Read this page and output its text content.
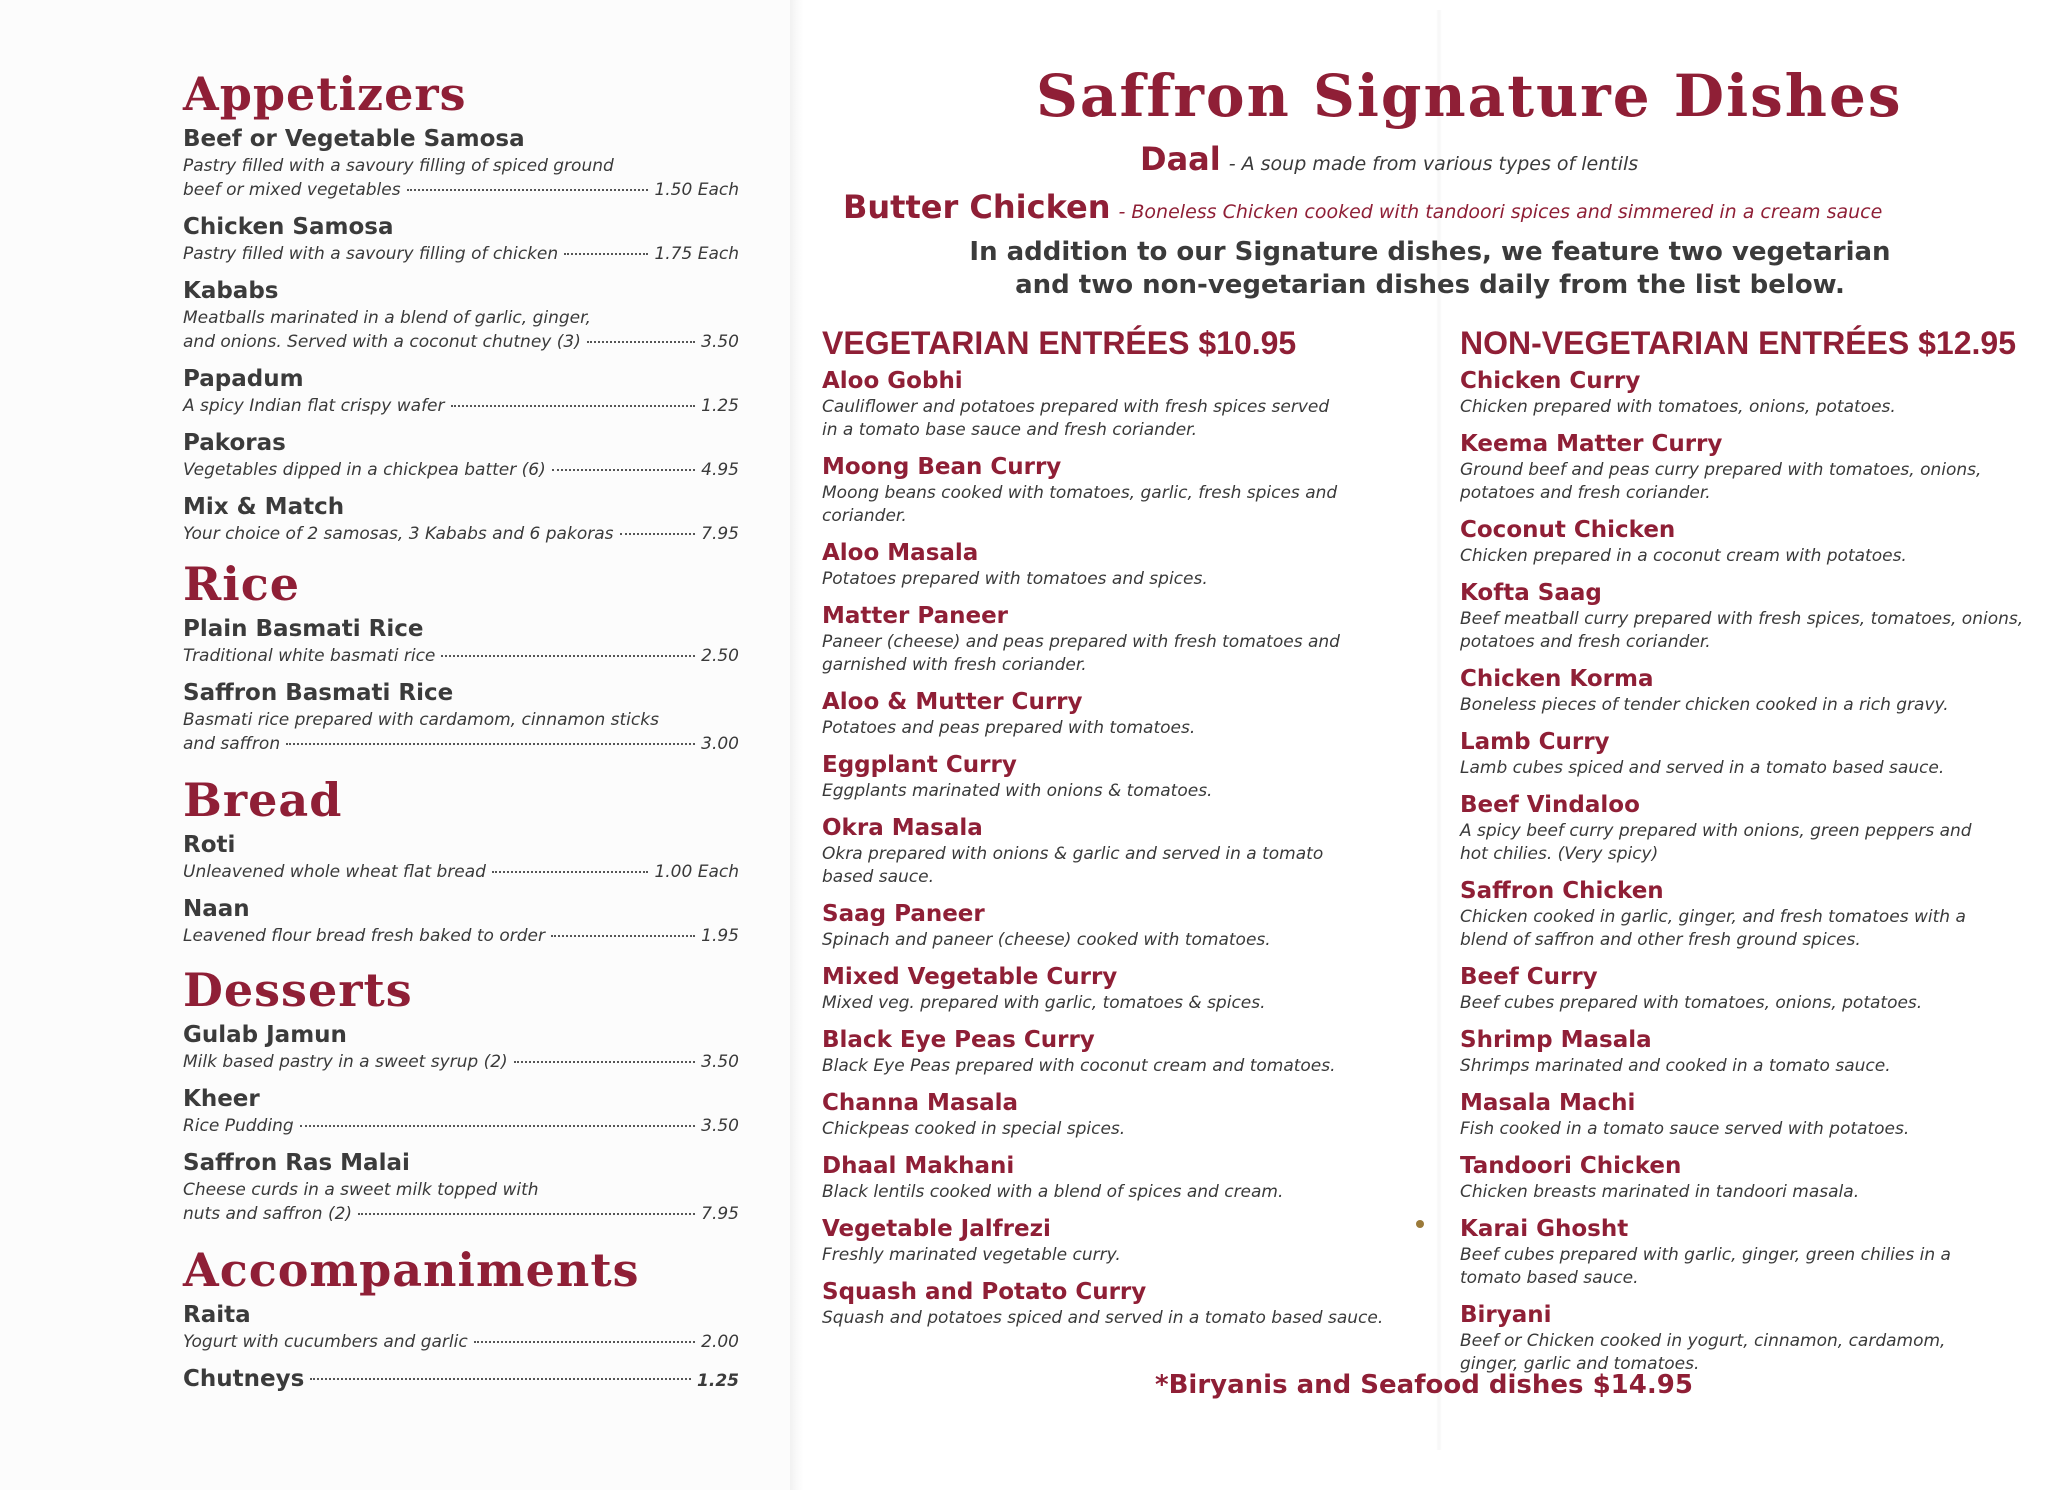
Appetizers
Beef or Vegetable Samosa
Pastry filled with a savoury filling of spiced ground
beef or mixed vegetables	1.50 Each
Chicken Samosa
Pastry filled with a savoury filling of chicken	1.75 Each
Kababs
Meatballs marinated in a blend of garlic, ginger,
and onions. Served with a coconut chutney (3)	3.50
Papadum
A spicy Indian flat crispy wafer	1.25
Pakoras
Vegetables dipped in a chickpea batter (6)	4.95
Mix & Match
Your choice of 2 samosas, 3 Kababs and 6 pakoras	7.95
Rice
Plain Basmati Rice
Traditional white basmati rice	2.50
Saffron Basmati Rice
Basmati rice prepared with cardamom, cinnamon sticks
and saffron	3.00
Bread
Roti
Unleavened whole wheat flat bread	1.00 Each
Naan
Leavened flour bread fresh baked to order	1.95
Desserts
Gulab Jamun
Milk based pastry in a sweet syrup (2)	3.50
Kheer
Rice Pudding	3.50
Saffron Ras Malai
Cheese curds in a sweet milk topped with
nuts and saffron (2)	7.95
Accompaniments
Raita
Yogurt with cucumbers and garlic	2.00
Chutneys	1.25
Saffron Signature Dishes
Daal - A soup made from various types of lentils
Butter Chicken - Boneless Chicken cooked with tandoori spices and simmered in a cream sauce

In addition to our Signature dishes, we feature two vegetarian
and two non-vegetarian dishes daily from the list below.

VEGETARIAN ENTRÉES $10.95
Aloo Gobhi
Cauliflower and potatoes prepared with fresh spices served
in a tomato base sauce and fresh coriander.
Moong Bean Curry
Moong beans cooked with tomatoes, garlic, fresh spices and
coriander.
Aloo Masala
Potatoes prepared with tomatoes and spices.
Matter Paneer
Paneer (cheese) and peas prepared with fresh tomatoes and
garnished with fresh coriander.
Aloo & Mutter Curry
Potatoes and peas prepared with tomatoes.
Eggplant Curry
Eggplants marinated with onions & tomatoes.
Okra Masala
Okra prepared with onions & garlic and served in a tomato
based sauce.
Saag Paneer
Spinach and paneer (cheese) cooked with tomatoes.
Mixed Vegetable Curry
Mixed veg. prepared with garlic, tomatoes & spices.
Black Eye Peas Curry
Black Eye Peas prepared with coconut cream and tomatoes.
Channa Masala
Chickpeas cooked in special spices.
Dhaal Makhani
Black lentils cooked with a blend of spices and cream.
Vegetable Jalfrezi
Freshly marinated vegetable curry.
Squash and Potato Curry
Squash and potatoes spiced and served in a tomato based sauce.
NON-VEGETARIAN ENTRÉES $12.95
Chicken Curry
Chicken prepared with tomatoes, onions, potatoes.
Keema Matter Curry
Ground beef and peas curry prepared with tomatoes, onions,
potatoes and fresh coriander.
Coconut Chicken
Chicken prepared in a coconut cream with potatoes.
Kofta Saag
Beef meatball curry prepared with fresh spices, tomatoes, onions,
potatoes and fresh coriander.
Chicken Korma
Boneless pieces of tender chicken cooked in a rich gravy.
Lamb Curry
Lamb cubes spiced and served in a tomato based sauce.
Beef Vindaloo
A spicy beef curry prepared with onions, green peppers and
hot chilies. (Very spicy)
Saffron Chicken
Chicken cooked in garlic, ginger, and fresh tomatoes with a
blend of saffron and other fresh ground spices.
Beef Curry
Beef cubes prepared with tomatoes, onions, potatoes.
Shrimp Masala
Shrimps marinated and cooked in a tomato sauce.
Masala Machi
Fish cooked in a tomato sauce served with potatoes.
Tandoori Chicken
Chicken breasts marinated in tandoori masala.
Karai Ghosht
Beef cubes prepared with garlic, ginger, green chilies in a
tomato based sauce.
Biryani
Beef or Chicken cooked in yogurt, cinnamon, cardamom,
ginger, garlic and tomatoes.
*Biryanis and Seafood dishes $14.95
